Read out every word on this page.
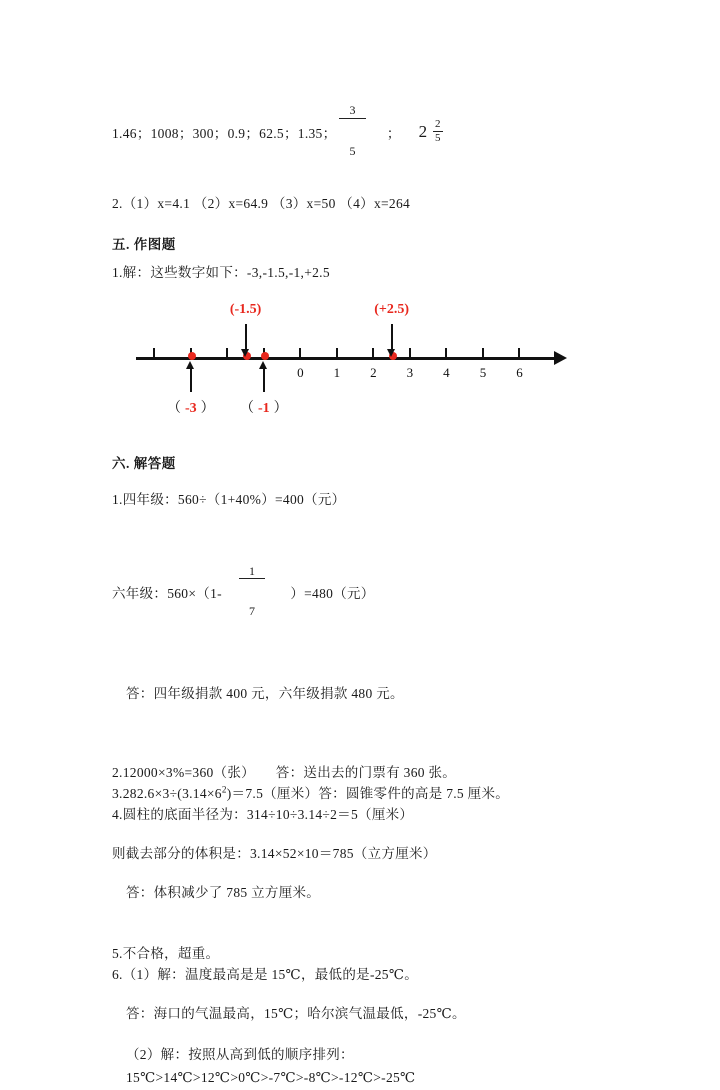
1.46；1008；300；0.9；62.5；1.35；

$\frac{3}{5}$

	；	$2 \frac{2}{5}$
2.（1）x=4.1 （2）x=64.9 （3）x=50 （4）x=264
五. 作图题
1.解：这些数字如下：-3,-1.5,-1,+2.5
0 1 2 3 4 5 6
(-1.5)	(+2.5)
（ -3 ） （ -1 ）
六. 解答题
1.四年级：560÷（1+40%）=400（元）
六年级：560×（1-

$\frac{1}{7}$

）=480（元）
答：四年级捐款 400 元，六年级捐款 480 元。
2.12000×3%=360（张）　　答：送出去的门票有 360 张。
$3.282.6\times 3\div(3.14\times 6^2)=7.5$（厘米）答：圆锥零件的高是 7.5 厘米。
4.圆柱的底面半径为：314÷10÷3.14÷2＝5（厘米）
则截去部分的体积是：3.14×52×10＝785（立方厘米）
答：体积减少了 785 立方厘米。
5.不合格，超重。
6.（1）解：温度最高是是 15℃，最低的是-25℃。
答：海口的气温最高，15℃；哈尔滨气温最低，-25℃。
（2）解：按照从高到低的顺序排列：15℃>14℃>12℃>0℃>-7℃>-8℃>-12℃>-25℃
